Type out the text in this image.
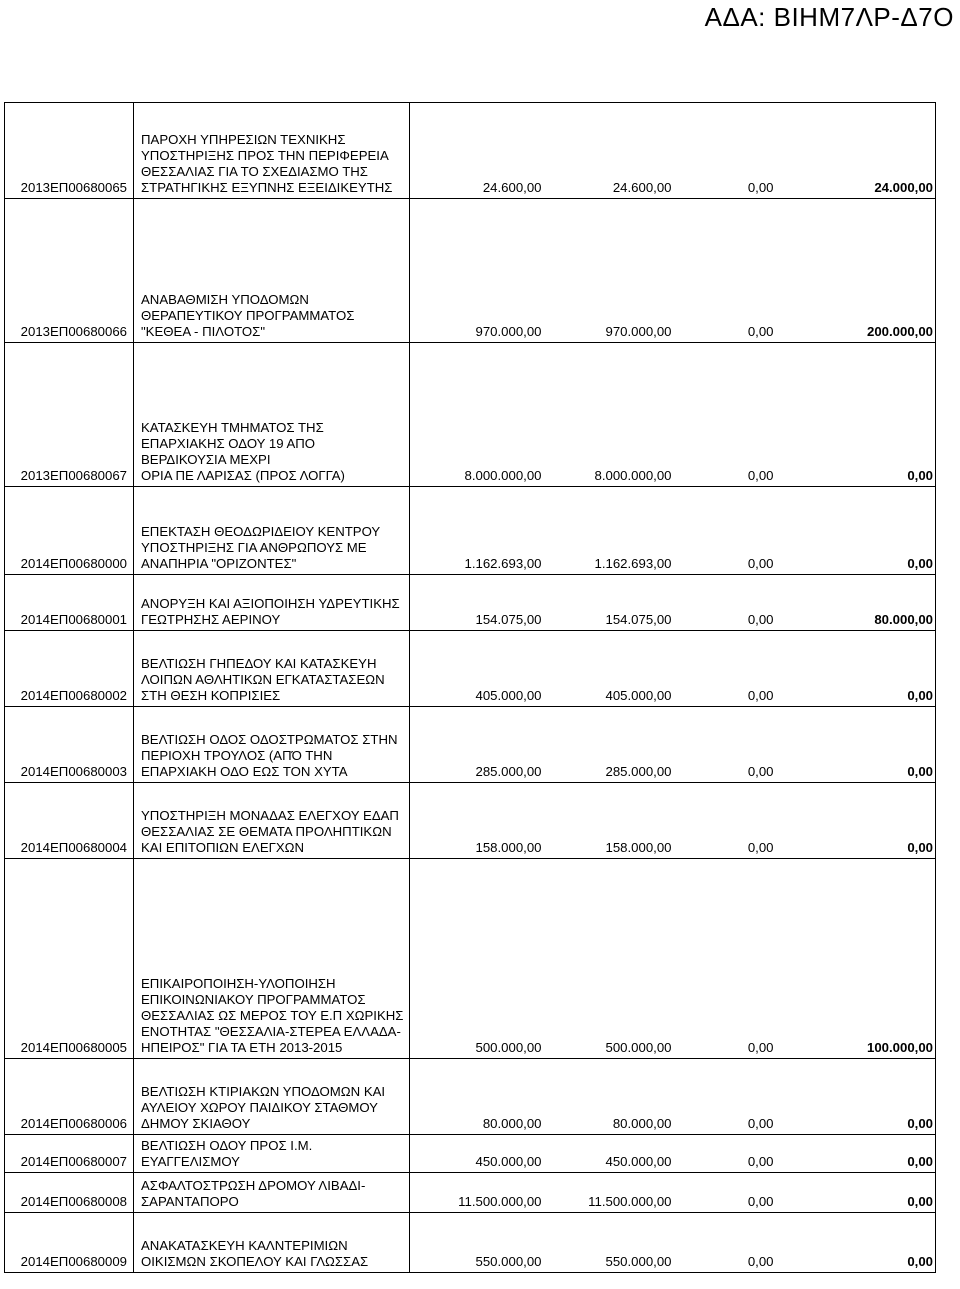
ΑΔΑ: ΒΙΗΜ7ΛΡ-Δ7Ο
2013ΕΠ00680065	ΠΑΡΟΧΗ ΥΠΗΡΕΣΙΩΝ ΤΕΧΝΙΚΗΣ
ΥΠΟΣΤΗΡΙΞΗΣ ΠΡΟΣ ΤΗΝ ΠΕΡΙΦΕΡΕΙΑ
ΘΕΣΣΑΛΙΑΣ ΓΙΑ ΤΟ ΣΧΕΔΙΑΣΜΟ ΤΗΣ
ΣΤΡΑΤΗΓΙΚΗΣ ΕΞΥΠΝΗΣ ΕΞΕΙΔΙΚΕΥΤΗΣ	24.600,00	24.600,00	0,00	24.000,00
2013ΕΠ00680066	ΑΝΑΒΑΘΜΙΣΗ ΥΠΟΔΟΜΩΝ
ΘΕΡΑΠΕΥΤΙΚΟΥ ΠΡΟΓΡΑΜΜΑΤΟΣ
"ΚΕΘΕΑ - ΠΙΛΟΤΟΣ"	970.000,00	970.000,00	0,00	200.000,00
2013ΕΠ00680067	ΚΑΤΑΣΚΕΥΗ ΤΜΗΜΑΤΟΣ ΤΗΣ
ΕΠΑΡΧΙΑΚΗΣ ΟΔΟΥ 19 ΑΠΟ
ΒΕΡΔΙΚΟΥΣΙΑ ΜΕΧΡΙ
ΟΡΙΑ ΠΕ ΛΑΡΙΣΑΣ (ΠΡΟΣ ΛΟΓΓΑ)	8.000.000,00	8.000.000,00	0,00	0,00
2014ΕΠ00680000	ΕΠΕΚΤΑΣΗ ΘΕΟΔΩΡΙΔΕΙΟΥ ΚΕΝΤΡΟΥ
ΥΠΟΣΤΗΡΙΞΗΣ ΓΙΑ ΑΝΘΡΩΠΟΥΣ ΜΕ
ΑΝΑΠΗΡΙΑ "ΟΡΙΖΟΝΤΕΣ"	1.162.693,00	1.162.693,00	0,00	0,00
2014ΕΠ00680001	ΑΝΟΡΥΞΗ ΚΑΙ ΑΞΙΟΠΟΙΗΣΗ ΥΔΡΕΥΤΙΚΗΣ
ΓΕΩΤΡΗΣΗΣ ΑΕΡΙΝΟΥ	154.075,00	154.075,00	0,00	80.000,00
2014ΕΠ00680002	ΒΕΛΤΙΩΣΗ ΓΗΠΕΔΟΥ ΚΑΙ ΚΑΤΑΣΚΕΥΗ
ΛΟΙΠΩΝ ΑΘΛΗΤΙΚΩΝ ΕΓΚΑΤΑΣΤΑΣΕΩΝ
ΣΤΗ ΘΕΣΗ ΚΟΠΡΙΣΙΕΣ	405.000,00	405.000,00	0,00	0,00
2014ΕΠ00680003	ΒΕΛΤΙΩΣΗ ΟΔΟΣ ΟΔΟΣΤΡΩΜΑΤΟΣ ΣΤΗΝ
ΠΕΡΙΟΧΗ ΤΡΟΥΛΟΣ (ΑΠΌ ΤΗΝ
ΕΠΑΡΧΙΑΚΗ ΟΔΟ ΕΩΣ ΤΟΝ ΧΥΤΑ	285.000,00	285.000,00	0,00	0,00
2014ΕΠ00680004	ΥΠΟΣΤΗΡΙΞΗ ΜΟΝΑΔΑΣ ΕΛΕΓΧΟΥ ΕΔΑΠ
ΘΕΣΣΑΛΙΑΣ ΣΕ ΘΕΜΑΤΑ ΠΡΟΛΗΠΤΙΚΩΝ
ΚΑΙ ΕΠΙΤΟΠΙΩΝ ΕΛΕΓΧΩΝ	158.000,00	158.000,00	0,00	0,00
2014ΕΠ00680005	ΕΠΙΚΑΙΡΟΠΟΙΗΣΗ-ΥΛΟΠΟΙΗΣΗ
ΕΠΙΚΟΙΝΩΝΙΑΚΟΥ ΠΡΟΓΡΑΜΜΑΤΟΣ
ΘΕΣΣΑΛΙΑΣ ΩΣ ΜΕΡΟΣ ΤΟΥ Ε.Π ΧΩΡΙΚΗΣ
ΕΝΟΤΗΤΑΣ "ΘΕΣΣΑΛΙΑ-ΣΤΕΡΕΑ ΕΛΛΑΔΑ-
ΗΠΕΙΡΟΣ" ΓΙΑ ΤΑ ΕΤΗ 2013-2015	500.000,00	500.000,00	0,00	100.000,00
2014ΕΠ00680006	ΒΕΛΤΙΩΣΗ ΚΤΙΡΙΑΚΩΝ ΥΠΟΔΟΜΩΝ ΚΑΙ
ΑΥΛΕΙΟΥ ΧΩΡΟΥ ΠΑΙΔΙΚΟΥ ΣΤΑΘΜΟΥ
ΔΗΜΟΥ ΣΚΙΑΘΟΥ	80.000,00	80.000,00	0,00	0,00
2014ΕΠ00680007	ΒΕΛΤΙΩΣΗ ΟΔΟΥ ΠΡΟΣ Ι.Μ.
ΕΥΑΓΓΕΛΙΣΜΟΥ	450.000,00	450.000,00	0,00	0,00
2014ΕΠ00680008	ΑΣΦΑΛΤΟΣΤΡΩΣΗ ΔΡΟΜΟΥ ΛΙΒΑΔΙ-
ΣΑΡΑΝΤΑΠΟΡΟ	11.500.000,00	11.500.000,00	0,00	0,00
2014ΕΠ00680009	ΑΝΑΚΑΤΑΣΚΕΥΗ ΚΑΛΝΤΕΡΙΜΙΩΝ
ΟΙΚΙΣΜΩΝ ΣΚΟΠΕΛΟΥ ΚΑΙ ΓΛΩΣΣΑΣ	550.000,00	550.000,00	0,00	0,00
